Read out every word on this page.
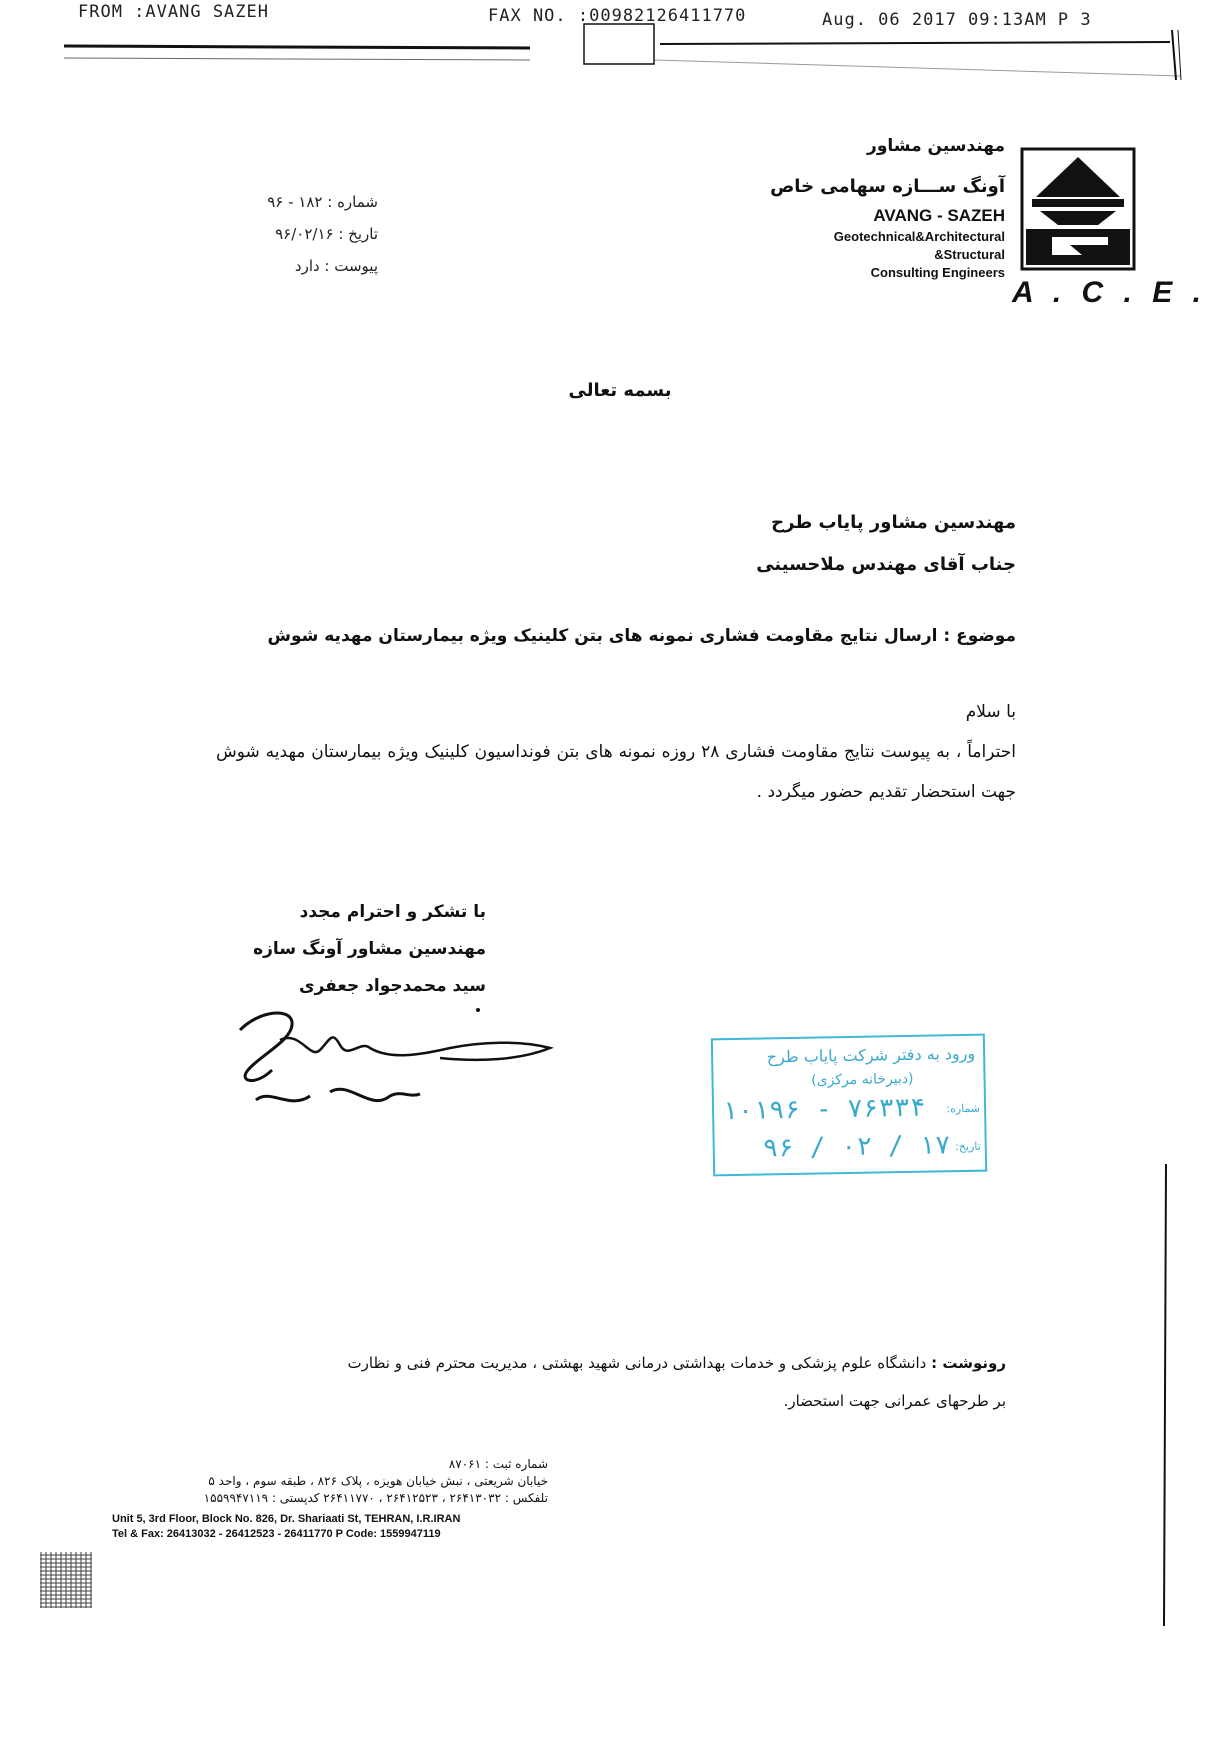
FROM :AVANG SAZEH	FAX NO. :00982126411770	Aug. 06 2017 09:13AM P 3
مهندسین مشاور
آونگ ســـازه سهامی خاص
AVANG - SAZEH
Geotechnical&Architectural
&Structural
Consulting Engineers
A . C . E .
شماره : ۱۸۲ - ۹۶
تاریخ : ۹۶/۰۲/۱۶
پیوست : دارد
بسمه تعالی
مهندسین مشاور پایاب طرح
جناب آقای مهندس ملاحسینی
موضوع : ارسال نتایج مقاومت فشاری نمونه های بتن کلینیک ویژه بیمارستان مهدیه شوش
با سلام
احتراماً ، به پیوست نتایج مقاومت فشاری ۲۸ روزه نمونه های بتن فونداسیون کلینیک ویژه بیمارستان مهدیه شوش جهت استحضار تقدیم حضور میگردد .
با تشکر و احترام مجدد
مهندسین مشاور آونگ سازه
سید محمدجواد جعفری
ورود به دفتر شرکت پایاب طرح
(دبیرخانه مرکزی)
شماره:
۱۰۱۹۶ - ۷۶۳۳۴
تاریخ:
۹۶ / ۰۲ / ۱۷
رونوشت : دانشگاه علوم پزشکی و خدمات بهداشتی درمانی شهید بهشتی ، مدیریت محترم فنی و نظارت
بر طرحهای عمرانی جهت استحضار.
شماره ثبت : ۸۷۰۶۱
خیابان شریعتی ، نبش خیابان هویزه ، پلاک ۸۲۶ ، طبقه سوم ، واحد ۵
تلفکس : ۲۶۴۱۳۰۳۲ ، ۲۶۴۱۲۵۲۳ ، ۲۶۴۱۱۷۷۰ کدپستی : ۱۵۵۹۹۴۷۱۱۹
Unit 5, 3rd Floor, Block No. 826, Dr. Shariaati St, TEHRAN, I.R.IRAN
Tel & Fax: 26413032 - 26412523 - 26411770 P Code: 1559947119
